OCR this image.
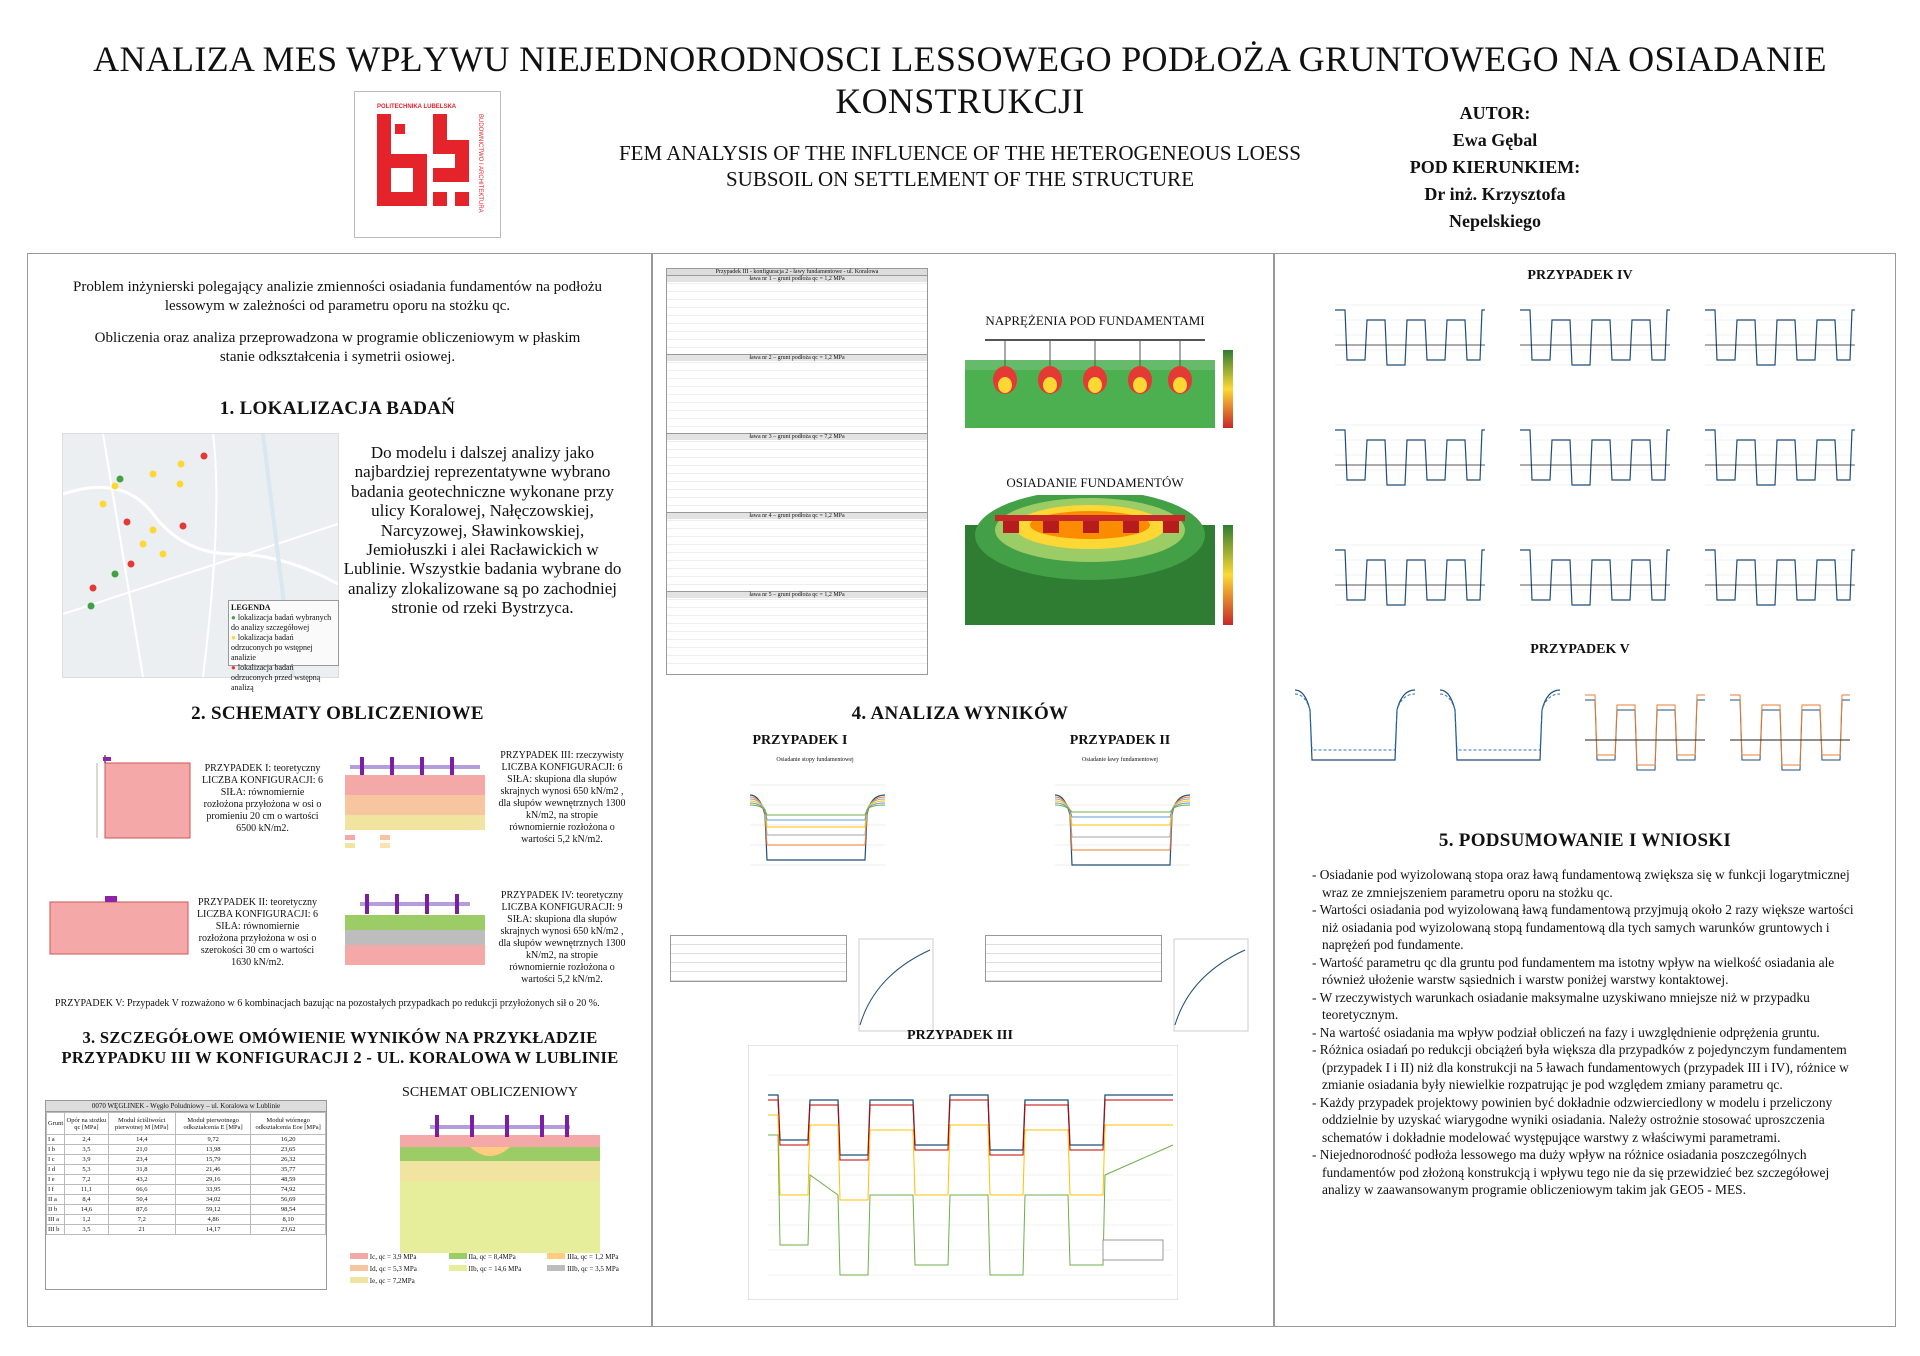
ANALIZA MES WPŁYWU NIEJEDNORODNOSCI LESSOWEGO PODŁOŻA GRUNTOWEGO NA OSIADANIE KONSTRUKCJI
POLITECHNIKA LUBELSKA
BUDOWNICTWO I ARCHITEKTURA	FEM ANALYSIS OF THE INFLUENCE OF THE HETEROGENEOUS LOESS
SUBSOIL ON SETTLEMENT OF THE STRUCTURE
AUTOR:
Ewa Gębal
POD KIERUNKIEM:
Dr inż. Krzysztofa
Nepelskiego
Problem inżynierski polegający analizie zmienności osiadania fundamentów na podłożu lessowym w zależności od parametru oporu na stożku qc.
Obliczenia oraz analiza przeprowadzona w programie obliczeniowym w płaskim stanie odkształcenia i symetrii osiowej.
1. LOKALIZACJA BADAŃ
LEGENDA
● lokalizacja badań wybranych do analizy szczegółowej
● lokalizacja badań odrzuconych po wstępnej analizie
● lokalizacja badań odrzuconych przed wstępną analizą
Do modelu i dalszej analizy jako najbardziej reprezentatywne wybrano badania geotechniczne wykonane przy ulicy Koralowej, Nałęczowskiej, Narcyzowej, Sławinkowskiej, Jemiołuszki i alei Racławickich w Lublinie. Wszystkie badania wybrane do analizy zlokalizowane są po zachodniej stronie od rzeki Bystrzyca.
2. SCHEMATY OBLICZENIOWE
PRZYPADEK I: teoretyczny LICZBA KONFIGURACJI: 6 SIŁA: równomiernie rozłożona przyłożona w osi o promieniu 20 cm o wartości 6500 kN/m2.
PRZYPADEK III: rzeczywisty LICZBA KONFIGURACJI: 6 SIŁA: skupiona dla słupów skrajnych wynosi 650 kN/m2 , dla słupów wewnętrznych 1300 kN/m2, na stropie równomiernie rozłożona o wartości 5,2 kN/m2.
PRZYPADEK II: teoretyczny LICZBA KONFIGURACJI: 6 SIŁA: równomiernie rozłożona przyłożona w osi o szerokości 30 cm o wartości 1630 kN/m2.
PRZYPADEK IV: teoretyczny LICZBA KONFIGURACJI: 9 SIŁA: skupiona dla słupów skrajnych wynosi 650 kN/m2 , dla słupów wewnętrznych 1300 kN/m2, na stropie równomiernie rozłożona o wartości 5,2 kN/m2.
PRZYPADEK V: Przypadek V rozważono w 6 kombinacjach bazując na pozostałych przypadkach po redukcji przyłożonych sił o 20 %.
3. SZCZEGÓŁOWE OMÓWIENIE WYNIKÓW NA PRZYKŁADZIE
PRZYPADKU III W KONFIGURACJI 2 - UL. KORALOWA W LUBLINIE
0070 WĘGLINEK - Węgło Poludniowy – ul. Koralowa w Lublinie
Grunt	Opór na stożku qc [MPa]	Moduł ściśliwości pierwotnej M [MPa]	Moduł pierwotnego odkształcenia E [MPa]	Moduł wtórnego odkształcenia Eoe [MPa]
I a	2,4	14,4	9,72	16,20
I b	3,5	21,0	13,98	23,65
I c	3,9	23,4	15,79	26,32
I d	5,3	31,8	21,46	35,77
I e	7,2	43,2	29,16	48,59
I f	11,1	66,6	33,95	74,92
II a	8,4	50,4	34,02	56,69
II b	14,6	87,6	59,12	98,54
III a	1,2	7,2	4,86	8,10
III b	3,5	21	14,17	23,62
SCHEMAT OBLICZENIOWY
Ic, qc = 3,9 MPa	IIa, qc = 8,4MPa	IIIa, qc = 1,2 MPa
Id, qc = 5,3 MPa	IIb, qc = 14,6 MPa	IIIb, qc = 3,5 MPa
Ie, qc = 7,2MPa
Przypadek III - konfiguracja 2 - ławy fundamentowe - ul. Koralowa
ława nr 1 – grunt podłoża qc = 1,2 MPa
ława nr 2 – grunt podłoża qc = 1,2 MPa
ława nr 3 – grunt podłoża qc = 7,2 MPa
ława nr 4 – grunt podłoża qc = 1,2 MPa
ława nr 5 – grunt podłoża qc = 1,2 MPa
NAPRĘŻENIA POD FUNDAMENTAMI
OSIADANIE FUNDAMENTÓW
4. ANALIZA WYNIKÓW
PRZYPADEK I	PRZYPADEK II
Osiadanie stopy fundamentowej	Osiadanie ławy fundamentowej
PRZYPADEK III
PRZYPADEK IV
PRZYPADEK V
5. PODSUMOWANIE I WNIOSKI
- Osiadanie pod wyizolowaną stopa oraz ławą fundamentową zwiększa się w funkcji logarytmicznej wraz ze zmniejszeniem parametru oporu na stożku qc.
- Wartości osiadania pod wyizolowaną ławą fundamentową przyjmują około 2 razy większe wartości niż osiadania pod wyizolowaną stopą fundamentową dla tych samych warunków gruntowych i naprężeń pod fundamente.
- Wartość parametru qc dla gruntu pod fundamentem ma istotny wpływ na wielkość osiadania ale również ułożenie warstw sąsiednich i warstw poniżej warstwy kontaktowej.
- W rzeczywistych warunkach osiadanie maksymalne uzyskiwano mniejsze niż w przypadku teoretycznym.
- Na wartość osiadania ma wpływ podział obliczeń na fazy i uwzględnienie odprężenia gruntu.
- Różnica osiadań po redukcji obciążeń była większa dla przypadków z pojedynczym fundamentem (przypadek I i II) niż dla konstrukcji na 5 ławach fundamentowych (przypadek III i IV), różnice w zmianie osiadania były niewielkie rozpatrując je pod względem zmiany parametru qc.
- Każdy przypadek projektowy powinien być dokładnie odzwierciedlony w modelu i przeliczony oddzielnie by uzyskać wiarygodne wyniki osiadania. Należy ostrożnie stosować uproszczenia schematów i dokładnie modelować występujące warstwy z właściwymi parametrami.
- Niejednorodność podłoża lessowego ma duży wpływ na różnice osiadania poszczególnych fundamentów pod złożoną konstrukcją i wpływu tego nie da się przewidzieć bez szczegółowej analizy w zaawansowanym programie obliczeniowym takim jak GEO5 - MES.
